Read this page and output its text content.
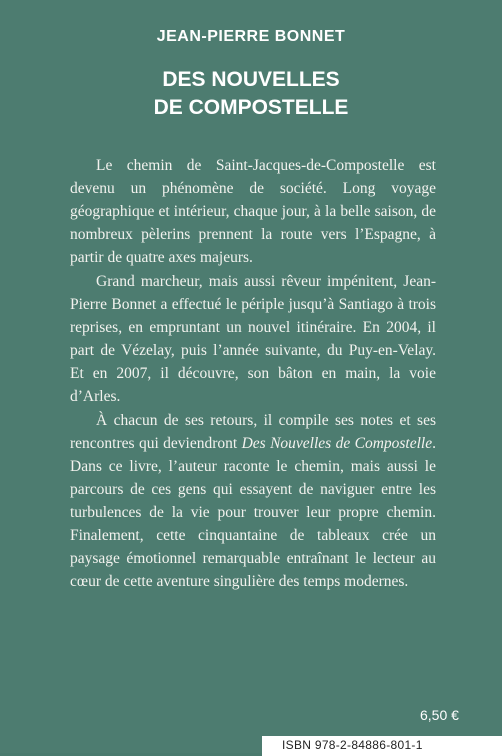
JEAN-PIERRE BONNET
DES NOUVELLES
DE COMPOSTELLE

Le chemin de Saint-Jacques-de-Compostelle est devenu un phénomène de société. Long voyage géographique et intérieur, chaque jour, à la belle saison, de nombreux pèlerins prennent la route vers l’Espagne, à partir de quatre axes majeurs.

Grand marcheur, mais aussi rêveur impénitent, Jean-Pierre Bonnet a effectué le périple jusqu’à Santiago à trois reprises, en empruntant un nouvel itinéraire. En 2004, il part de Vézelay, puis l’année suivante, du Puy-en-Velay. Et en 2007, il découvre, son bâton en main, la voie d’Arles.

À chacun de ses retours, il compile ses notes et ses rencontres qui deviendront Des Nouvelles de Compostelle. Dans ce livre, l’auteur raconte le chemin, mais aussi le parcours de ces gens qui essayent de naviguer entre les turbulences de la vie pour trouver leur propre chemin. Finalement, cette cinquantaine de tableaux crée un paysage émotionnel remarquable entraînant le lecteur au cœur de cette aventure singulière des temps modernes.

6,50 €
ISBN 978-2-84886-801-1
